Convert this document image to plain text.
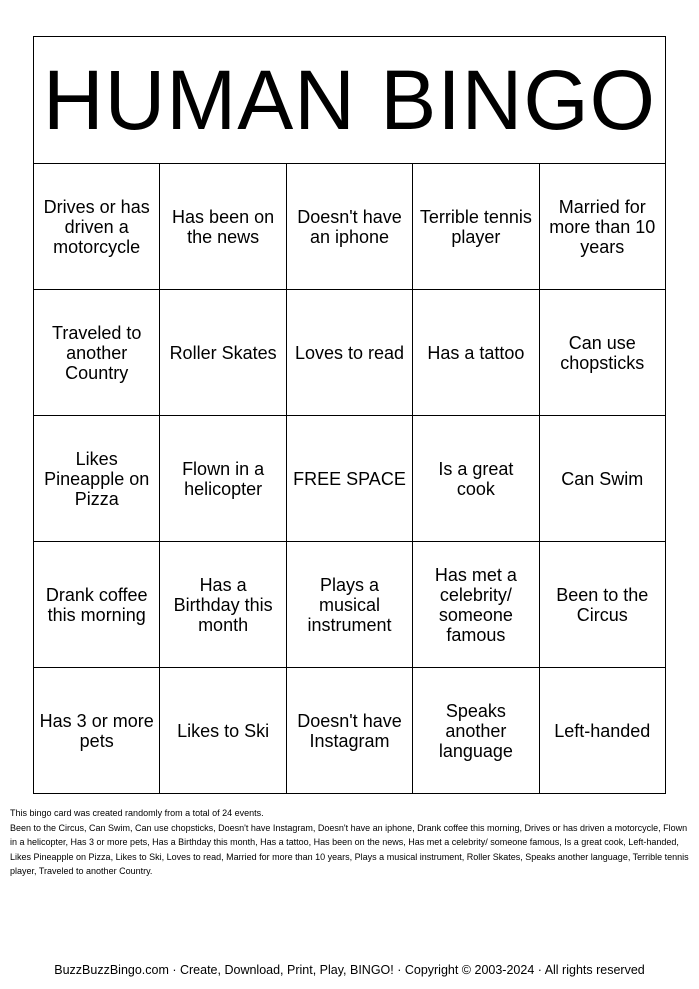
HUMAN BINGO				
Drives or has driven a motorcycle	Has been on the news	Doesn't have an iphone	Terrible tennis player	Married for more than 10 years
Traveled to another Country	Roller Skates	Loves to read	Has a tattoo	Can use chopsticks
Likes Pineapple on Pizza	Flown in a helicopter	FREE SPACE	Is a great cook	Can Swim
Drank coffee this morning	Has a Birthday this month	Plays a musical instrument	Has met a celebrity/ someone famous	Been to the Circus
Has 3 or more pets	Likes to Ski	Doesn't have Instagram	Speaks another language	Left-handed
This bingo card was created randomly from a total of 24 events.
Been to the Circus, Can Swim, Can use chopsticks, Doesn't have Instagram, Doesn't have an iphone, Drank coffee this morning, Drives or has driven a motorcycle, Flown in a helicopter, Has 3 or more pets, Has a Birthday this month, Has a tattoo, Has been on the news, Has met a celebrity/ someone famous, Is a great cook, Left-handed, Likes Pineapple on Pizza, Likes to Ski, Loves to read, Married for more than 10 years, Plays a musical instrument, Roller Skates, Speaks another language, Terrible tennis player, Traveled to another Country.
BuzzBuzzBingo.com · Create, Download, Print, Play, BINGO! · Copyright © 2003-2024 · All rights reserved
